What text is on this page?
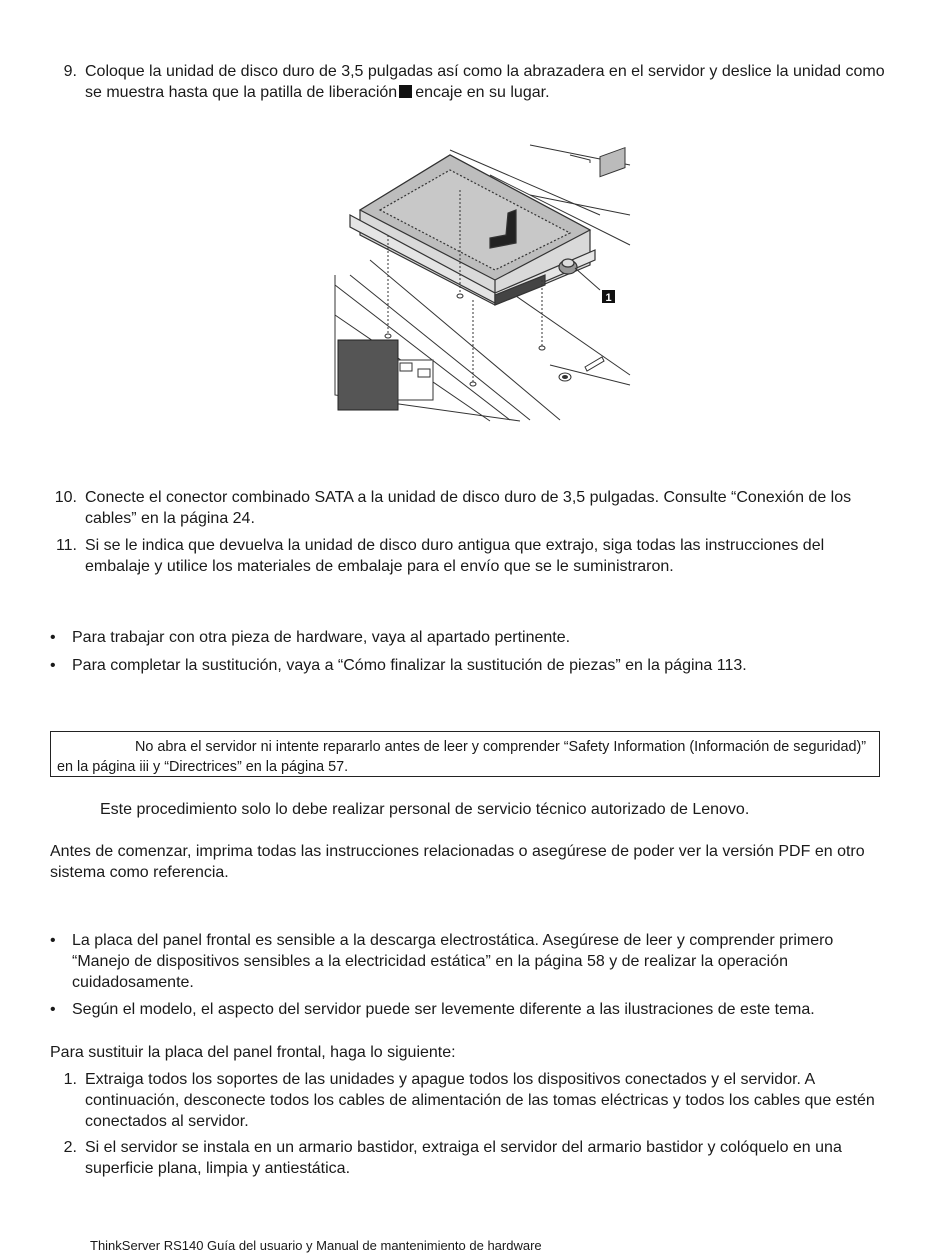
9. Coloque la unidad de disco duro de 3,5 pulgadas así como la abrazadera en el servidor y deslice la unidad como se muestra hasta que la patilla de liberación encaje en su lugar.
1
10. Conecte el conector combinado SATA a la unidad de disco duro de 3,5 pulgadas. Consulte “Conexión de los cables” en la página 24.
11. Si se le indica que devuelva la unidad de disco duro antigua que extrajo, siga todas las instrucciones del embalaje y utilice los materiales de embalaje para el envío que se le suministraron.
• Para trabajar con otra pieza de hardware, vaya al apartado pertinente.
• Para completar la sustitución, vaya a “Cómo finalizar la sustitución de piezas” en la página 113.
No abra el servidor ni intente repararlo antes de leer y comprender “Safety Information (Información de seguridad)” en la página iii y “Directrices” en la página 57.
Este procedimiento solo lo debe realizar personal de servicio técnico autorizado de Lenovo.
Antes de comenzar, imprima todas las instrucciones relacionadas o asegúrese de poder ver la versión PDF en otro sistema como referencia.
• La placa del panel frontal es sensible a la descarga electrostática. Asegúrese de leer y comprender primero “Manejo de dispositivos sensibles a la electricidad estática” en la página 58 y de realizar la operación cuidadosamente.
• Según el modelo, el aspecto del servidor puede ser levemente diferente a las ilustraciones de este tema.
Para sustituir la placa del panel frontal, haga lo siguiente:
1. Extraiga todos los soportes de las unidades y apague todos los dispositivos conectados y el servidor. A continuación, desconecte todos los cables de alimentación de las tomas eléctricas y todos los cables que estén conectados al servidor.
2. Si el servidor se instala en un armario bastidor, extraiga el servidor del armario bastidor y colóquelo en una superficie plana, limpia y antiestática.
ThinkServer RS140 Guía del usuario y Manual de mantenimiento de hardware
